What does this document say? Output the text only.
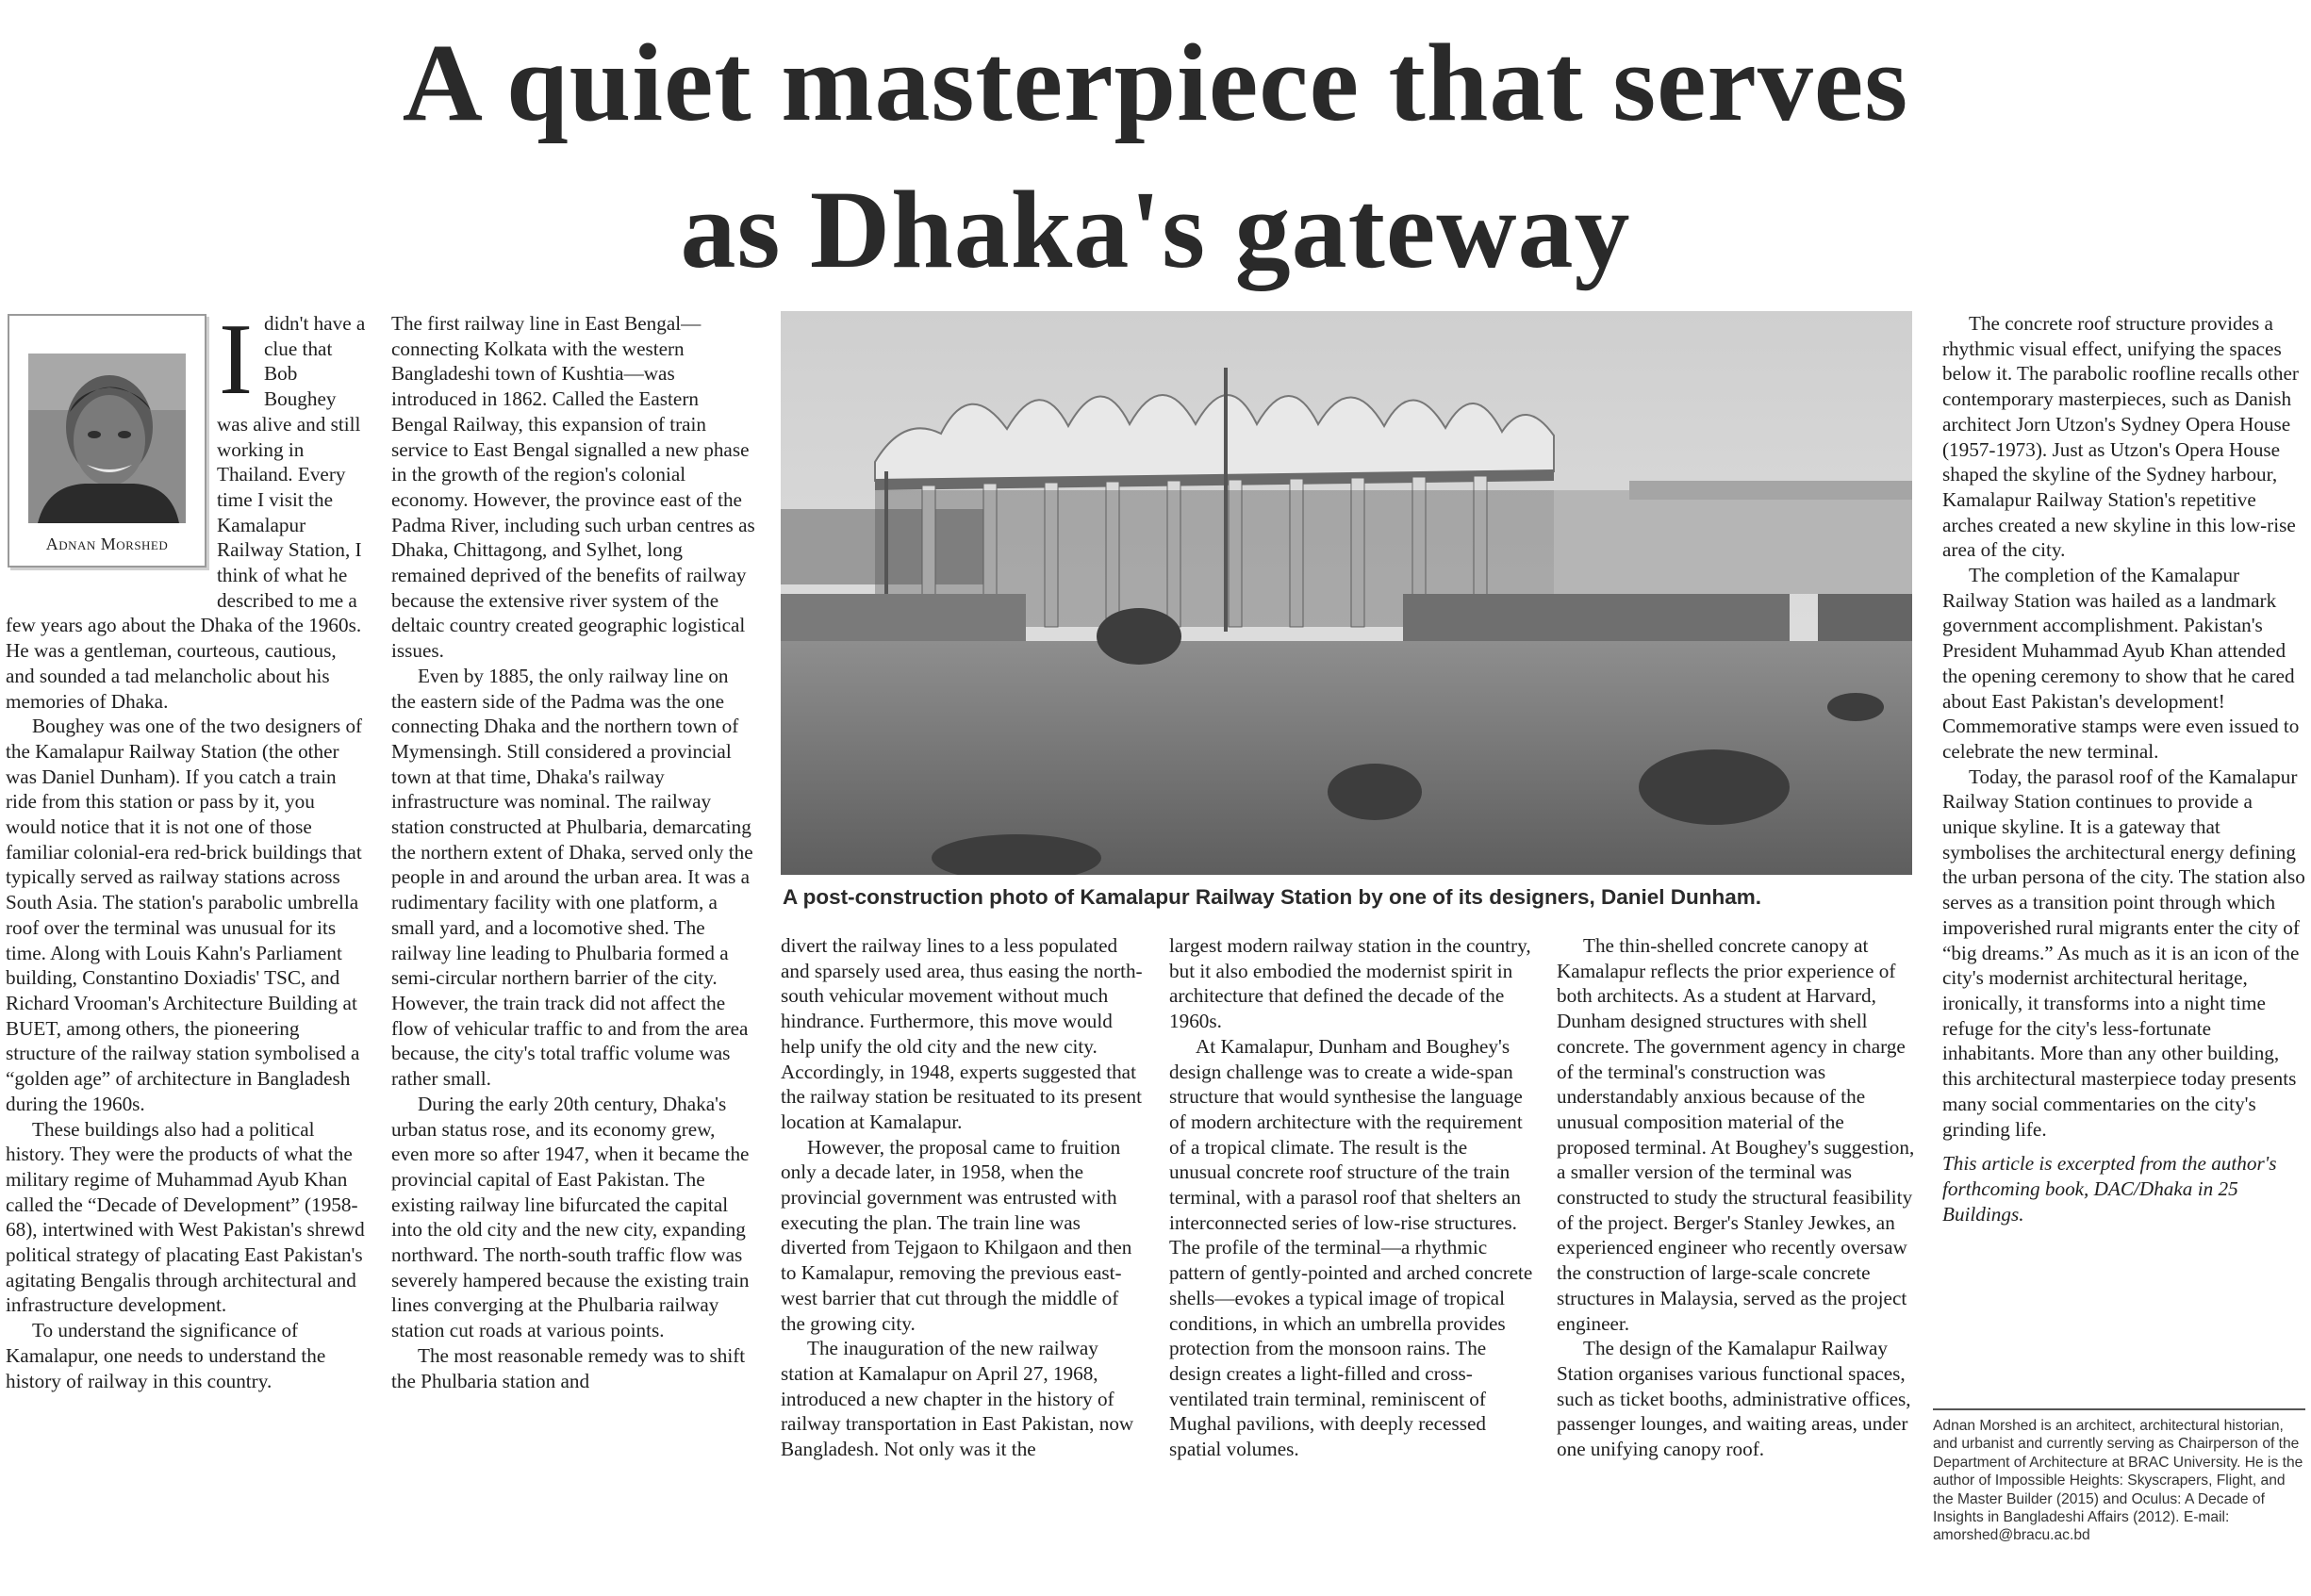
A quiet masterpiece that serves
as Dhaka's gateway
Adnan Morshed
I didn't have a clue that Bob Boughey was alive and still working in Thailand. Every time I visit the Kamalapur Railway Station, I think of what he described to me a few years ago about the Dhaka of the 1960s. He was a gentleman, courteous, cautious, and sounded a tad melancholic about his memories of Dhaka.

Boughey was one of the two designers of the Kamalapur Railway Station (the other was Daniel Dunham). If you catch a train ride from this station or pass by it, you would notice that it is not one of those familiar colonial-era red-brick buildings that typically served as railway stations across South Asia. The station's parabolic umbrella roof over the terminal was unusual for its time. Along with Louis Kahn's Parliament building, Constantino Doxiadis' TSC, and Richard Vrooman's Architecture Building at BUET, among others, the pioneering structure of the railway station symbolised a “golden age” of architecture in Bangladesh during the 1960s.

These buildings also had a political history. They were the products of what the military regime of Muhammad Ayub Khan called the “Decade of Development” (1958-68), intertwined with West Pakistan's shrewd political strategy of placating East Pakistan's agitating Bengalis through architectural and infrastructure development.

To understand the significance of Kamalapur, one needs to understand the history of railway in this country.

The first railway line in East Bengal—connecting Kolkata with the western Bangladeshi town of Kushtia—was introduced in 1862. Called the Eastern Bengal Railway, this expansion of train service to East Bengal signalled a new phase in the growth of the region's colonial economy. However, the province east of the Padma River, including such urban centres as Dhaka, Chittagong, and Sylhet, long remained deprived of the benefits of railway because the extensive river system of the deltaic country created geographic logistical issues.

Even by 1885, the only railway line on the eastern side of the Padma was the one connecting Dhaka and the northern town of Mymensingh. Still considered a provincial town at that time, Dhaka's railway infrastructure was nominal. The railway station constructed at Phulbaria, demarcating the northern extent of Dhaka, served only the people in and around the urban area. It was a rudimentary facility with one platform, a small yard, and a locomotive shed. The railway line leading to Phulbaria formed a semi-circular northern barrier of the city. However, the train track did not affect the flow of vehicular traffic to and from the area because, the city's total traffic volume was rather small.

During the early 20th century, Dhaka's urban status rose, and its economy grew, even more so after 1947, when it became the provincial capital of East Pakistan. The existing railway line bifurcated the capital into the old city and the new city, expanding northward. The north-south traffic flow was severely hampered because the existing train lines converging at the Phulbaria railway station cut roads at various points.

The most reasonable remedy was to shift the Phulbaria station and

A post-construction photo of Kamalapur Railway Station by one of its designers, Daniel Dunham.

divert the railway lines to a less populated and sparsely used area, thus easing the north-south vehicular movement without much hindrance. Furthermore, this move would help unify the old city and the new city. Accordingly, in 1948, experts suggested that the railway station be resituated to its present location at Kamalapur.

However, the proposal came to fruition only a decade later, in 1958, when the provincial government was entrusted with executing the plan. The train line was diverted from Tejgaon to Khilgaon and then to Kamalapur, removing the previous east-west barrier that cut through the middle of the growing city.

The inauguration of the new railway station at Kamalapur on April 27, 1968, introduced a new chapter in the history of railway transportation in East Pakistan, now Bangladesh. Not only was it the

largest modern railway station in the country, but it also embodied the modernist spirit in architecture that defined the decade of the 1960s.

At Kamalapur, Dunham and Boughey's design challenge was to create a wide-span structure that would synthesise the language of modern architecture with the requirement of a tropical climate. The result is the unusual concrete roof structure of the train terminal, with a parasol roof that shelters an interconnected series of low-rise structures. The profile of the terminal—a rhythmic pattern of gently-pointed and arched concrete shells—evokes a typical image of tropical conditions, in which an umbrella provides protection from the monsoon rains. The design creates a light-filled and cross-ventilated train terminal, reminiscent of Mughal pavilions, with deeply recessed spatial volumes.

The thin-shelled concrete canopy at Kamalapur reflects the prior experience of both architects. As a student at Harvard, Dunham designed structures with shell concrete. The government agency in charge of the terminal's construction was understandably anxious because of the unusual composition material of the proposed terminal. At Boughey's suggestion, a smaller version of the terminal was constructed to study the structural feasibility of the project. Berger's Stanley Jewkes, an experienced engineer who recently oversaw the construction of large-scale concrete structures in Malaysia, served as the project engineer.

The design of the Kamalapur Railway Station organises various functional spaces, such as ticket booths, administrative offices, passenger lounges, and waiting areas, under one unifying canopy roof.

The concrete roof structure provides a rhythmic visual effect, unifying the spaces below it. The parabolic roofline recalls other contemporary masterpieces, such as Danish architect Jorn Utzon's Sydney Opera House (1957-1973). Just as Utzon's Opera House shaped the skyline of the Sydney harbour, Kamalapur Railway Station's repetitive arches created a new skyline in this low-rise area of the city.

The completion of the Kamalapur Railway Station was hailed as a landmark government accomplishment. Pakistan's President Muhammad Ayub Khan attended the opening ceremony to show that he cared about East Pakistan's development! Commemorative stamps were even issued to celebrate the new terminal.

Today, the parasol roof of the Kamalapur Railway Station continues to provide a unique skyline. It is a gateway that symbolises the architectural energy defining the urban persona of the city. The station also serves as a transition point through which impoverished rural migrants enter the city of “big dreams.” As much as it is an icon of the city's modernist architectural heritage, ironically, it transforms into a night time refuge for the city's less-fortunate inhabitants. More than any other building, this architectural masterpiece today presents many social commentaries on the city's grinding life.

This article is excerpted from the author's forthcoming book, DAC/Dhaka in 25 Buildings.

Adnan Morshed is an architect, architectural historian, and urbanist and currently serving as Chairperson of the Department of Architecture at BRAC University. He is the author of Impossible Heights: Skyscrapers, Flight, and the Master Builder (2015) and Oculus: A Decade of Insights in Bangladeshi Affairs (2012). E-mail: amorshed@bracu.ac.bd
